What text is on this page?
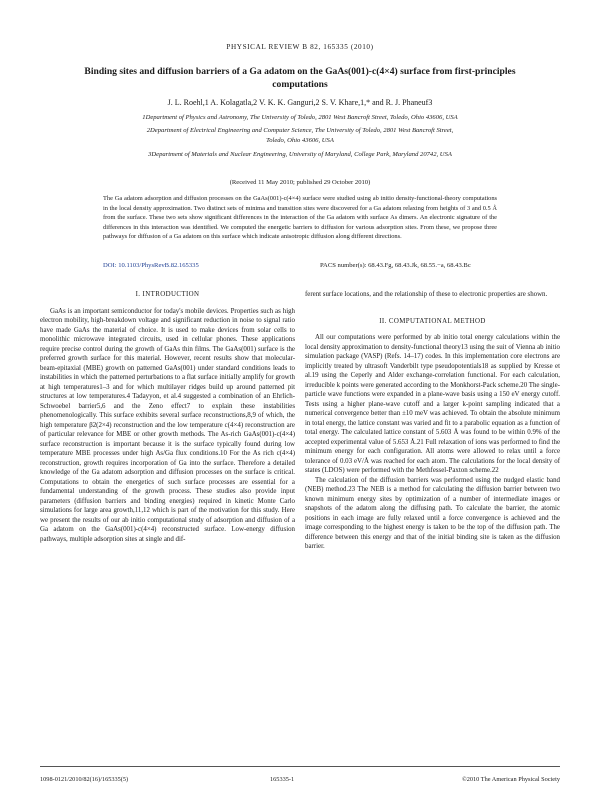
PHYSICAL REVIEW B 82, 165335 (2010)
Binding sites and diffusion barriers of a Ga adatom on the GaAs(001)-c(4×4) surface from first-principles computations
J. L. Roehl,1 A. Kolagatla,2 V. K. K. Ganguri,2 S. V. Khare,1,* and R. J. Phaneuf3
1Department of Physics and Astronomy, The University of Toledo, 2801 West Bancroft Street, Toledo, Ohio 43606, USA
2Department of Electrical Engineering and Computer Science, The University of Toledo, 2801 West Bancroft Street,
Toledo, Ohio 43606, USA
3Department of Materials and Nuclear Engineering, University of Maryland, College Park, Maryland 20742, USA
(Received 11 May 2010; published 29 October 2010)
The Ga adatom adsorption and diffusion processes on the GaAs(001)-c(4×4) surface were studied using ab initio density-functional-theory computations in the local density approximation. Two distinct sets of minima and transition sites were discovered for a Ga adatom relaxing from heights of 3 and 0.5 Å from the surface. These two sets show significant differences in the interaction of the Ga adatom with surface As dimers. An electronic signature of the differences in this interaction was identified. We computed the energetic barriers to diffusion for various adsorption sites. From these, we propose three pathways for diffusion of a Ga adatom on this surface which indicate anisotropic diffusion along different directions.
DOI: 10.1103/PhysRevB.82.165335	PACS number(s): 68.43.Fg, 68.43.Jk, 68.55.−a, 68.43.Bc

I. INTRODUCTION

GaAs is an important semiconductor for today's mobile devices. Properties such as high electron mobility, high-breakdown voltage and significant reduction in noise to signal ratio have made GaAs the material of choice. It is used to make devices from solar cells to monolithic microwave integrated circuits, used in cellular phones. These applications require precise control during the growth of GaAs thin films. The GaAs(001) surface is the preferred growth surface for this material. However, recent results show that molecular-beam-epitaxial (MBE) growth on patterned GaAs(001) under standard conditions leads to instabilities in which the patterned perturbations to a flat surface initially amplify for growth at high temperatures1–3 and for which multilayer ridges build up around patterned pit structures at low temperatures.4 Tadayyon, et al.4 suggested a combination of an Ehrlich-Schwoebel barrier5,6 and the Zeno effect7 to explain these instabilities phenomenologically. This surface exhibits several surface reconstructions,8,9 of which, the high temperature β2(2×4) reconstruction and the low temperature c(4×4) reconstruction are of particular relevance for MBE or other growth methods. The As-rich GaAs(001)-c(4×4) surface reconstruction is important because it is the surface typically found during low temperature MBE processes under high As/Ga flux conditions.10 For the As rich c(4×4) reconstruction, growth requires incorporation of Ga into the surface. Therefore a detailed knowledge of the Ga adatom adsorption and diffusion processes on the surface is critical. Computations to obtain the energetics of such surface processes are essential for a fundamental understanding of the growth process. These studies also provide input parameters (diffusion barriers and binding energies) required in kinetic Monte Carlo simulations for large area growth,11,12 which is part of the motivation for this study. Here we present the results of our ab initio computational study of adsorption and diffusion of a Ga adatom on the GaAs(001)-c(4×4) reconstructed surface. Low-energy diffusion pathways, multiple adsorption sites at single and dif-

ferent surface locations, and the relationship of these to electronic properties are shown.

II. COMPUTATIONAL METHOD

All our computations were performed by ab initio total energy calculations within the local density approximation to density-functional theory13 using the suit of Vienna ab initio simulation package (VASP) (Refs. 14–17) codes. In this implementation core electrons are implicitly treated by ultrasoft Vanderbilt type pseudopotentials18 as supplied by Kresse et al.19 using the Ceperly and Alder exchange-correlation functional. For each calculation, irreducible k points were generated according to the Monkhorst-Pack scheme.20 The single-particle wave functions were expanded in a plane-wave basis using a 150 eV energy cutoff. Tests using a higher plane-wave cutoff and a larger k-point sampling indicated that a numerical convergence better than ±10 meV was achieved. To obtain the absolute minimum in total energy, the lattice constant was varied and fit to a parabolic equation as a function of total energy. The calculated lattice constant of 5.603 Å was found to be within 0.9% of the accepted experimental value of 5.653 Å.21 Full relaxation of ions was performed to find the minimum energy for each configuration. All atoms were allowed to relax until a force tolerance of 0.03 eV/Å was reached for each atom. The calculations for the local density of states (LDOS) were performed with the Methfessel-Paxton scheme.22

The calculation of the diffusion barriers was performed using the nudged elastic band (NEB) method.23 The NEB is a method for calculating the diffusion barrier between two known minimum energy sites by optimization of a number of intermediate images or snapshots of the adatom along the diffusing path. To calculate the barrier, the atomic positions in each image are fully relaxed until a force convergence is achieved and the image corresponding to the highest energy is taken to be the top of the diffusion path. The difference between this energy and that of the initial binding site is taken as the diffusion barrier.

1098-0121/2010/82(16)/165335(5)	165335-1	©2010 The American Physical Society
